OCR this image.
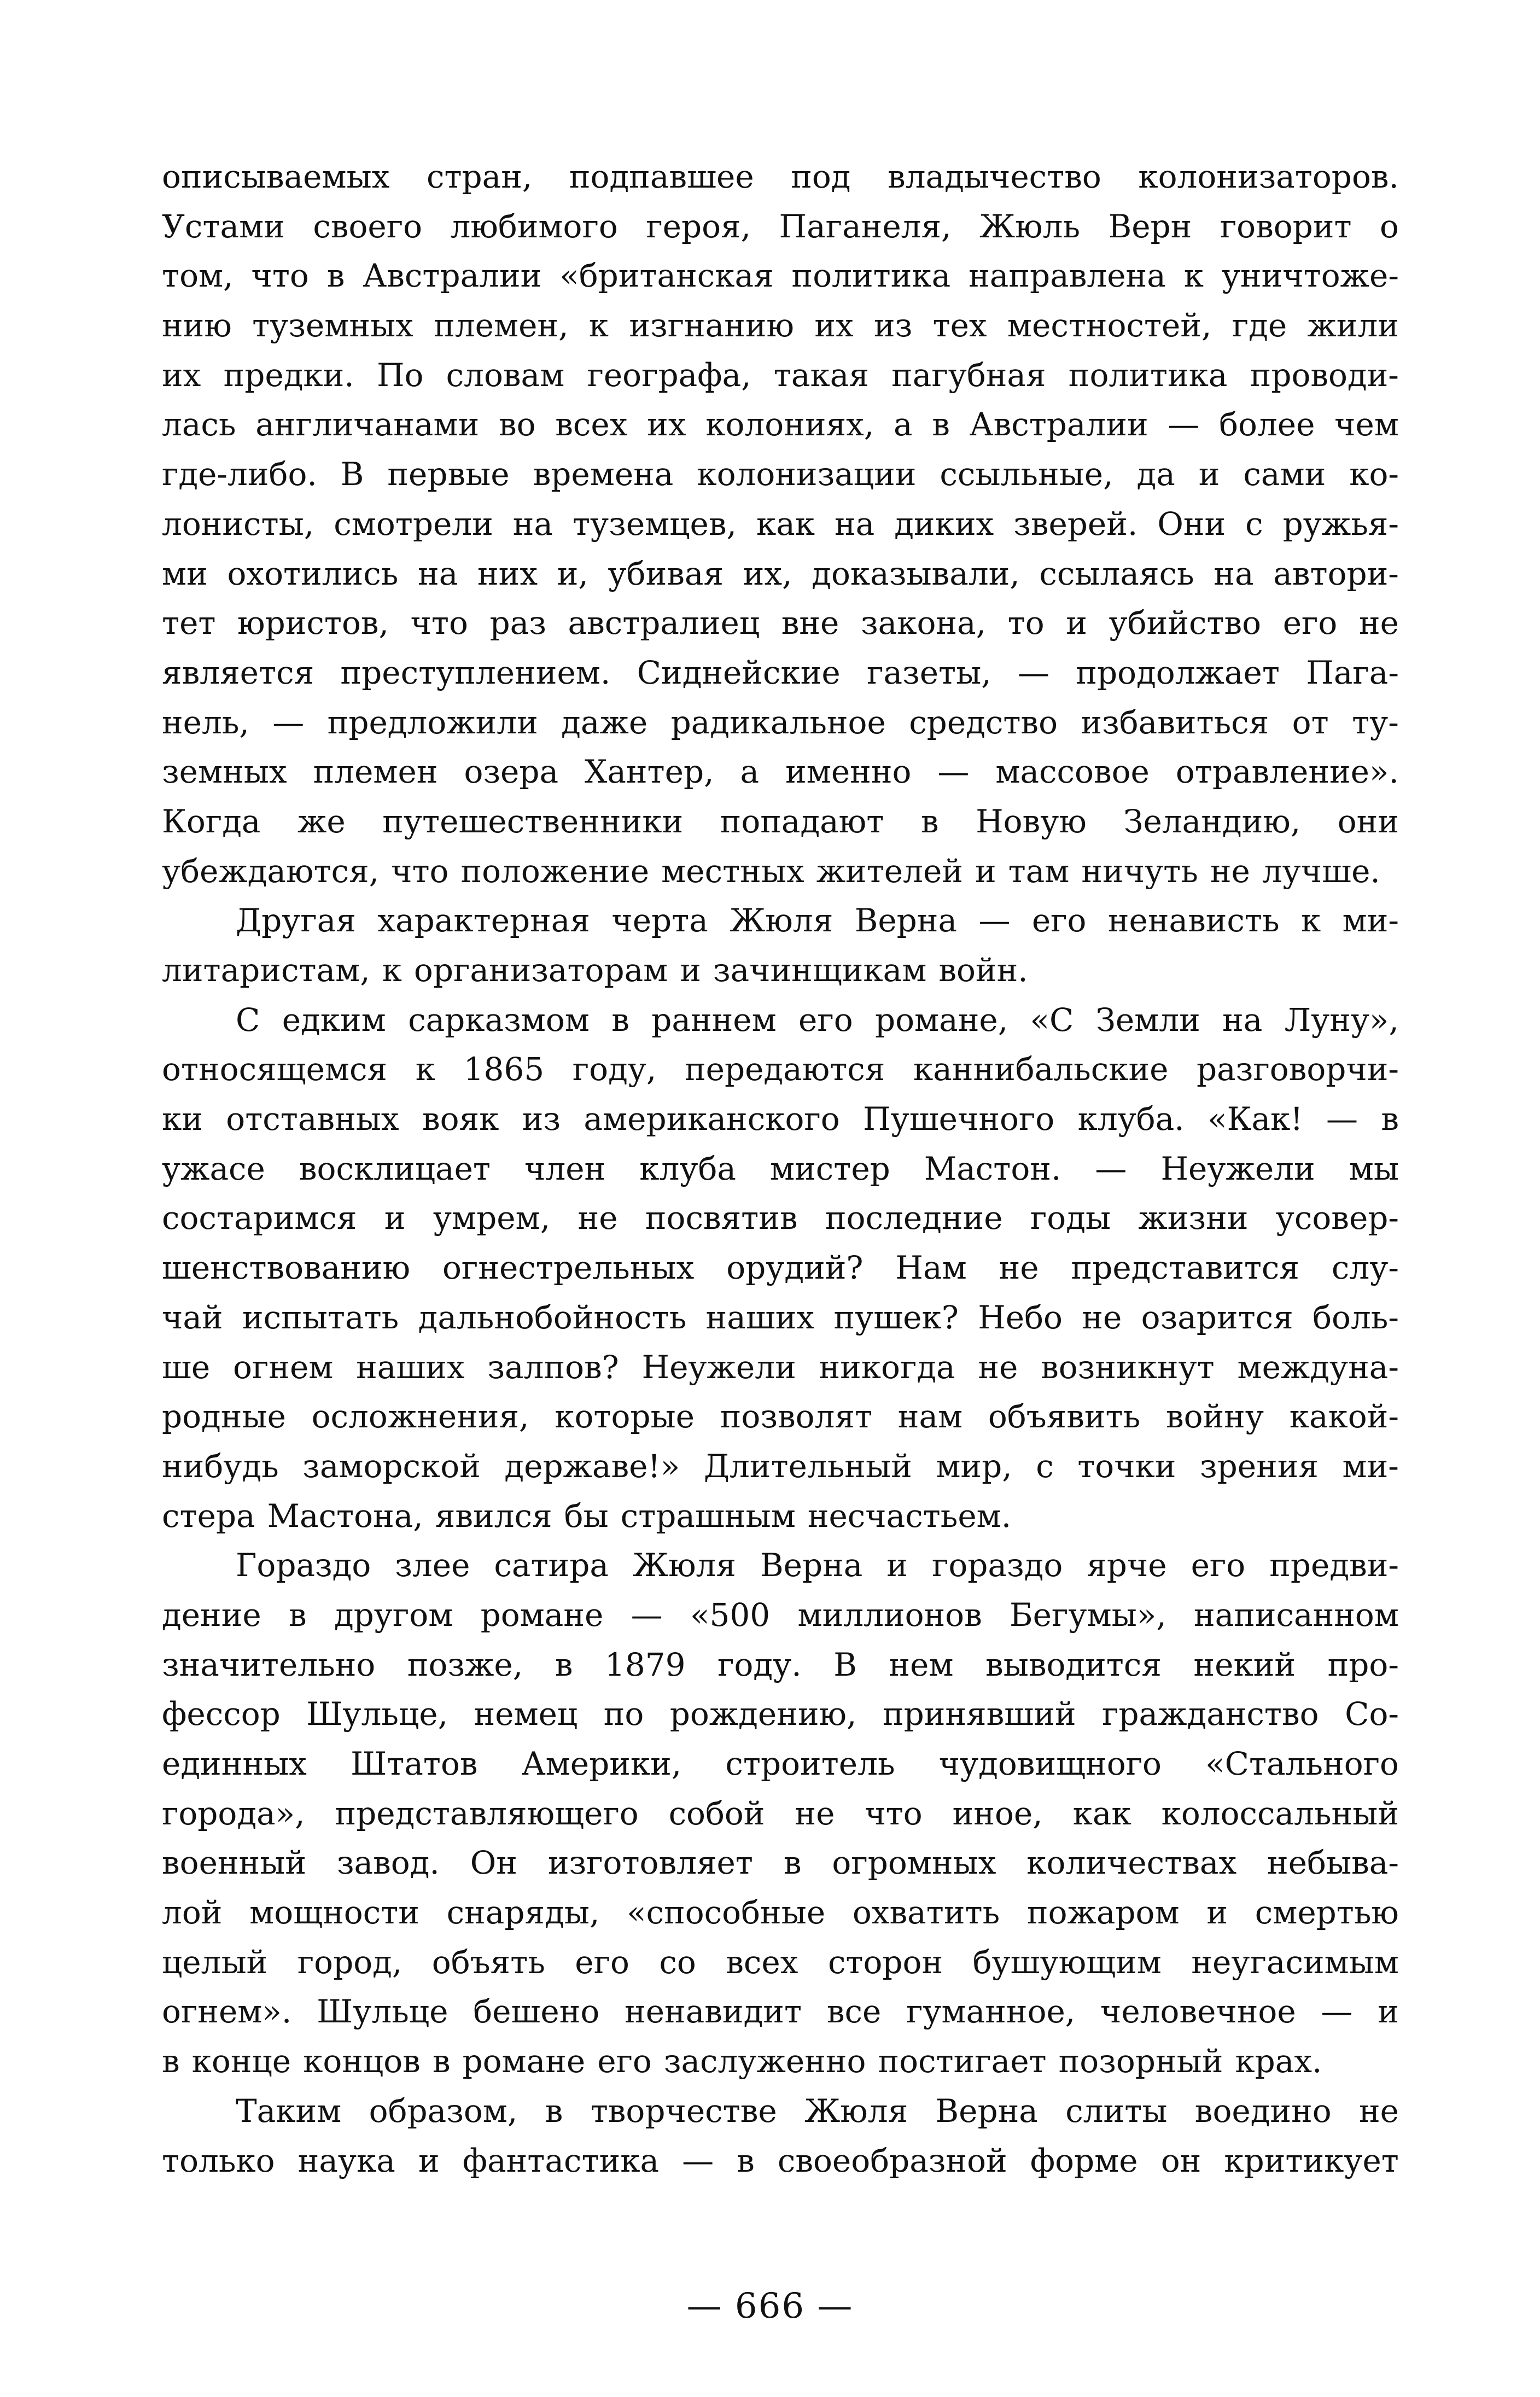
описываемых стран, подпавшее под владычество колонизаторов.
Устами своего любимого героя, Паганеля, Жюль Верн говорит о
том, что в Австралии «британская политика направлена к уничтоже-
нию туземных племен, к изгнанию их из тех местностей, где жили
их предки. По словам географа, такая пагубная политика проводи-
лась англичанами во всех их колониях, а в Австралии — более чем
где-либо. В первые времена колонизации ссыльные, да и сами ко-
лонисты, смотрели на туземцев, как на диких зверей. Они с ружья-
ми охотились на них и, убивая их, доказывали, ссылаясь на автори-
тет юристов, что раз австралиец вне закона, то и убийство его не
является преступлением. Сиднейские газеты, — продолжает Пага-
нель, — предложили даже радикальное средство избавиться от ту-
земных племен озера Хантер, а именно — массовое отравление».
Когда же путешественники попадают в Новую Зеландию, они
убеждаются, что положение местных жителей и там ничуть не лучше.
Другая характерная черта Жюля Верна — его ненависть к ми-
литаристам, к организаторам и зачинщикам войн.
С едким сарказмом в раннем его романе, «С Земли на Луну»,
относящемся к 1865 году, передаются каннибальские разговорчи-
ки отставных вояк из американского Пушечного клуба. «Как! — в
ужасе восклицает член клуба мистер Мастон. — Неужели мы
состаримся и умрем, не посвятив последние годы жизни усовер-
шенствованию огнестрельных орудий? Нам не представится слу-
чай испытать дальнобойность наших пушек? Небо не озарится боль-
ше огнем наших залпов? Неужели никогда не возникнут междуна-
родные осложнения, которые позволят нам объявить войну какой-
нибудь заморской державе!» Длительный мир, с точки зрения ми-
стера Мастона, явился бы страшным несчастьем.
Гораздо злее сатира Жюля Верна и гораздо ярче его предви-
дение в другом романе — «500 миллионов Бегумы», написанном
значительно позже, в 1879 году. В нем выводится некий про-
фессор Шульце, немец по рождению, принявший гражданство Со-
единных Штатов Америки, строитель чудовищного «Стального
города», представляющего собой не что иное, как колоссальный
военный завод. Он изготовляет в огромных количествах небыва-
лой мощности снаряды, «способные охватить пожаром и смертью
целый город, объять его со всех сторон бушующим неугасимым
огнем». Шульце бешено ненавидит все гуманное, человечное — и
в конце концов в романе его заслуженно постигает позорный крах.
Таким образом, в творчестве Жюля Верна слиты воедино не
только наука и фантастика — в своеобразной форме он критикует
— 666 —
